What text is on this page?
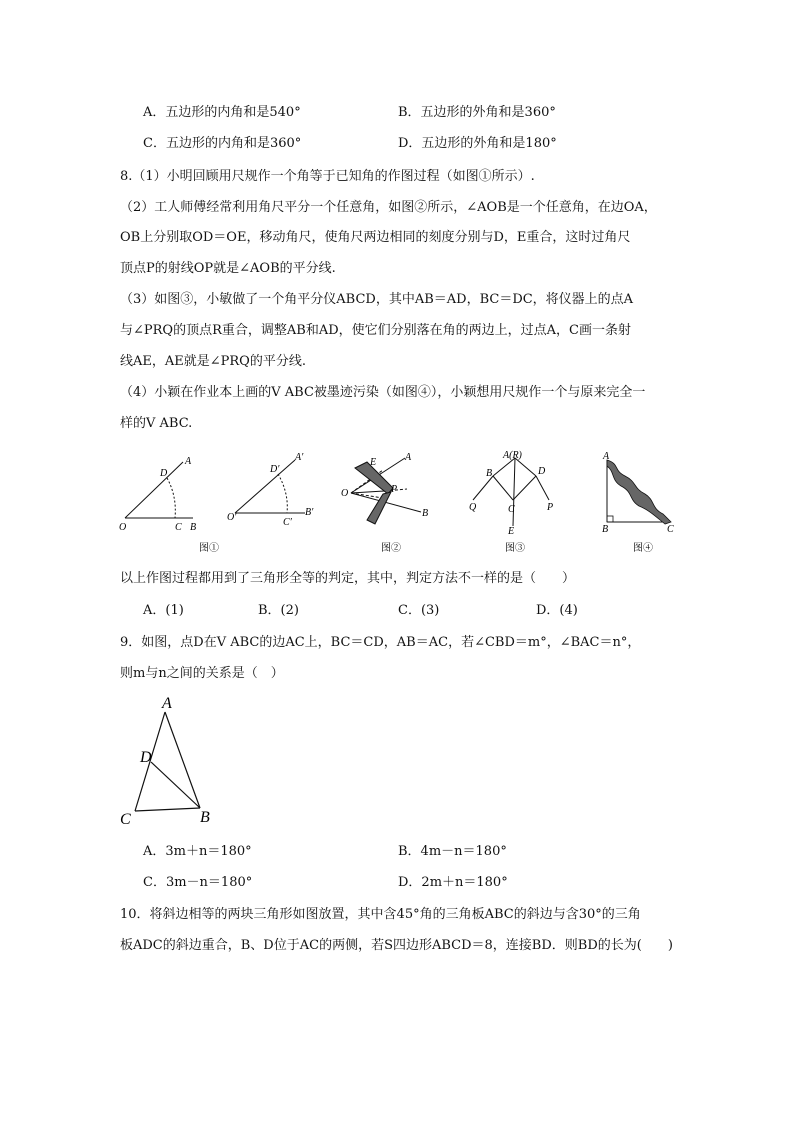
A．五边形的内角和是540°	B．五边形的外角和是360°
C．五边形的内角和是360°	D．五边形的外角和是180°
8.（1）小明回顾用尺规作一个角等于已知角的作图过程（如图①所示）.
（2）工人师傅经常利用角尺平分一个任意角，如图②所示，∠AOB是一个任意角，在边OA，
OB上分别取OD＝OE，移动角尺，使角尺两边相同的刻度分别与D，E重合，这时过角尺
顶点P的射线OP就是∠AOB的平分线.
（3）如图③，小敏做了一个角平分仪ABCD，其中AB＝AD，BC＝DC，将仪器上的点A
与∠PRQ的顶点R重合，调整AB和AD，使它们分别落在角的两边上，过点A，C画一条射
线AE，AE就是∠PRQ的平分线.
（4）小颖在作业本上画的V ABC被墨迹污染（如图④），小颖想用尺规作一个与原来完全一
样的V ABC.
A
D
O	C B
图①
A′
D′
O′	C′
B′
E	A
O	P
B
图②
A(R)
B	D
Q	C	P
E
图③
A
B	C
图④
以上作图过程都用到了三角形全等的判定，其中，判定方法不一样的是（　　）
A．(1)	B．(2)	C．(3)	D．(4)
9．如图，点D在V ABC的边AC上，BC＝CD，AB＝AC，若∠CBD＝m°，∠BAC＝n°，
则m与n之间的关系是（　）
A
D
C	B
A．3m＋n＝180°	B．4m－n＝180°
C．3m－n＝180°	D．2m＋n＝180°
10．将斜边相等的两块三角形如图放置，其中含45°角的三角板ABC的斜边与含30°的三角
板ADC的斜边重合，B、D位于AC的两侧，若S四边形ABCD＝8，连接BD．则BD的长为(　　)
